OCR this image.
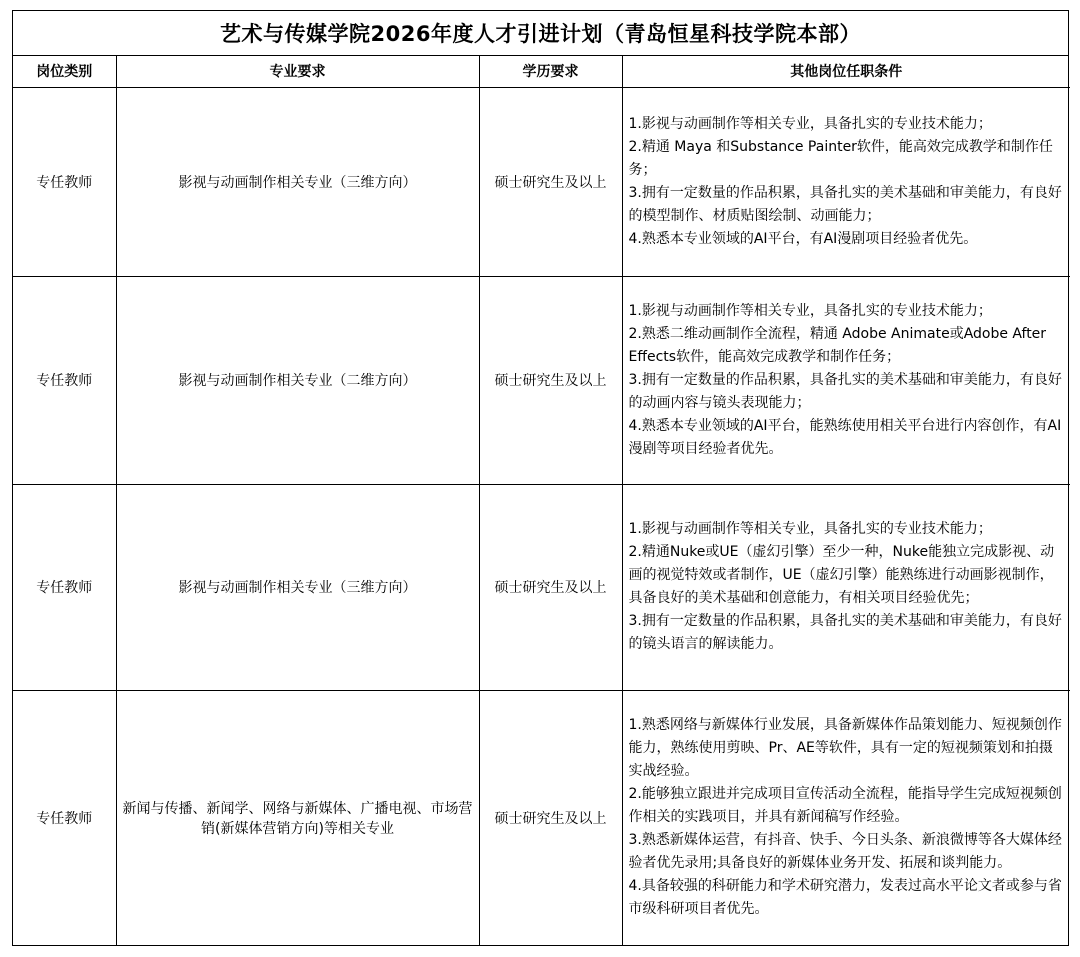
艺术与传媒学院2026年度人才引进计划（青岛恒星科技学院本部）
岗位类别	专业要求	学历要求	其他岗位任职条件
专任教师	影视与动画制作相关专业（三维方向）	硕士研究生及以上	1.影视与动画制作等相关专业，具备扎实的专业技术能力；
2.精通 Maya 和Substance Painter软件，能高效完成教学和制作任务；
3.拥有一定数量的作品积累，具备扎实的美术基础和审美能力，有良好的模型制作、材质贴图绘制、动画能力；
4.熟悉本专业领域的AI平台，有AI漫剧项目经验者优先。

专任教师	影视与动画制作相关专业（二维方向）	硕士研究生及以上	1.影视与动画制作等相关专业，具备扎实的专业技术能力；
2.熟悉二维动画制作全流程，精通 Adobe Animate或Adobe After Effects软件，能高效完成教学和制作任务；
3.拥有一定数量的作品积累，具备扎实的美术基础和审美能力，有良好的动画内容与镜头表现能力；
4.熟悉本专业领域的AI平台，能熟练使用相关平台进行内容创作，有AI漫剧等项目经验者优先。

专任教师	影视与动画制作相关专业（三维方向）	硕士研究生及以上	1.影视与动画制作等相关专业，具备扎实的专业技术能力；
2.精通Nuke或UE（虚幻引擎）至少一种，Nuke能独立完成影视、动画的视觉特效或者制作，UE（虚幻引擎）能熟练进行动画影视制作，具备良好的美术基础和创意能力，有相关项目经验优先；
3.拥有一定数量的作品积累，具备扎实的美术基础和审美能力，有良好的镜头语言的解读能力。

专任教师	新闻与传播、新闻学、网络与新媒体、广播电视、市场营销(新媒体营销方向)等相关专业	硕士研究生及以上	1.熟悉网络与新媒体行业发展，具备新媒体作品策划能力、短视频创作能力，熟练使用剪映、Pr、AE等软件，具有一定的短视频策划和拍摄实战经验。
2.能够独立跟进并完成项目宣传活动全流程，能指导学生完成短视频创作相关的实践项目，并具有新闻稿写作经验。
3.熟悉新媒体运营，有抖音、快手、今日头条、新浪微博等各大媒体经验者优先录用;具备良好的新媒体业务开发、拓展和谈判能力。
4.具备较强的科研能力和学术研究潜力，发表过高水平论文者或参与省市级科研项目者优先。
